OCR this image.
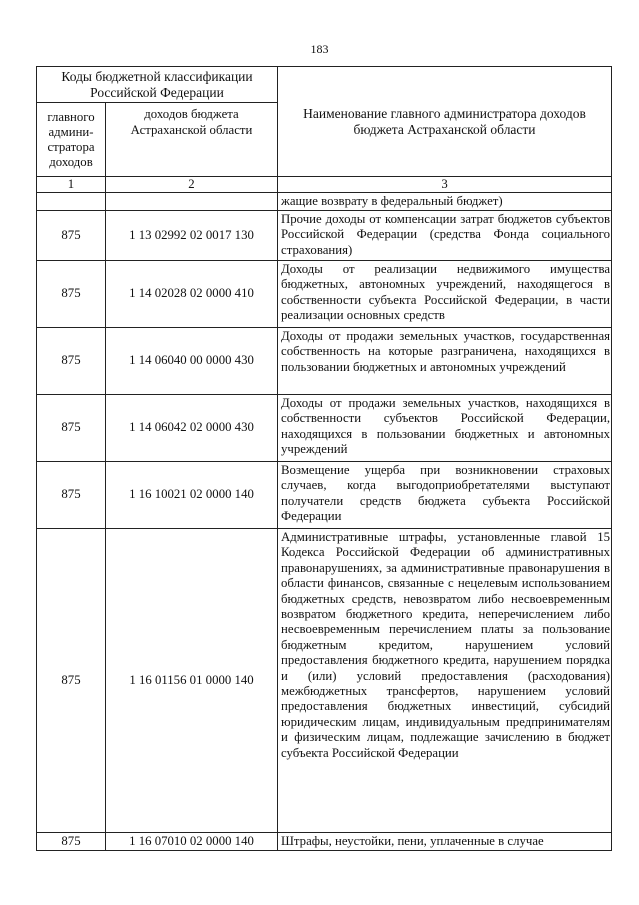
183
Коды бюджетной классификации Российской Федерации		Наименование главного администратора доходов бюджета Астраханской области
главного админи-стратора доходов	доходов бюджета Астраханской области	
1	2	3
		жащие возврату в федеральный бюджет)
875	1 13 02992 02 0017 130	Прочие доходы от компенсации затрат бюджетов субъектов Российской Федерации (средства Фонда социального страхования)
875	1 14 02028 02 0000 410	Доходы от реализации недвижимого имущества бюджетных, автономных учреждений, находящегося в собственности субъекта Российской Федерации, в части реализации основных средств
875	1 14 06040 00 0000 430	Доходы от продажи земельных участков, государственная собственность на которые разграничена, находящихся в пользовании бюджетных и автономных учреждений
875	1 14 06042 02 0000 430	Доходы от продажи земельных участков, находящихся в собственности субъектов Российской Федерации, находящихся в пользовании бюджетных и автономных учреждений
875	1 16 10021 02 0000 140	Возмещение ущерба при возникновении страховых случаев, когда выгодоприобретателями выступают получатели средств бюджета субъекта Российской Федерации
875	1 16 01156 01 0000 140	Административные штрафы, установленные главой 15 Кодекса Российской Федерации об административных правонарушениях, за административные правонарушения в области финансов, связанные с нецелевым использованием бюджетных средств, невозвратом либо несвоевременным возвратом бюджетного кредита, неперечислением либо несвоевременным перечислением платы за пользование бюджетным кредитом, нарушением условий предоставления бюджетного кредита, нарушением порядка и (или) условий предоставления (расходования) межбюджетных трансфертов, нарушением условий предоставления бюджетных инвестиций, субсидий юридическим лицам, индивидуальным предпринимателям и физическим лицам, подлежащие зачислению в бюджет субъекта Российской Федерации
875	1 16 07010 02 0000 140	Штрафы, неустойки, пени, уплаченные в случае
